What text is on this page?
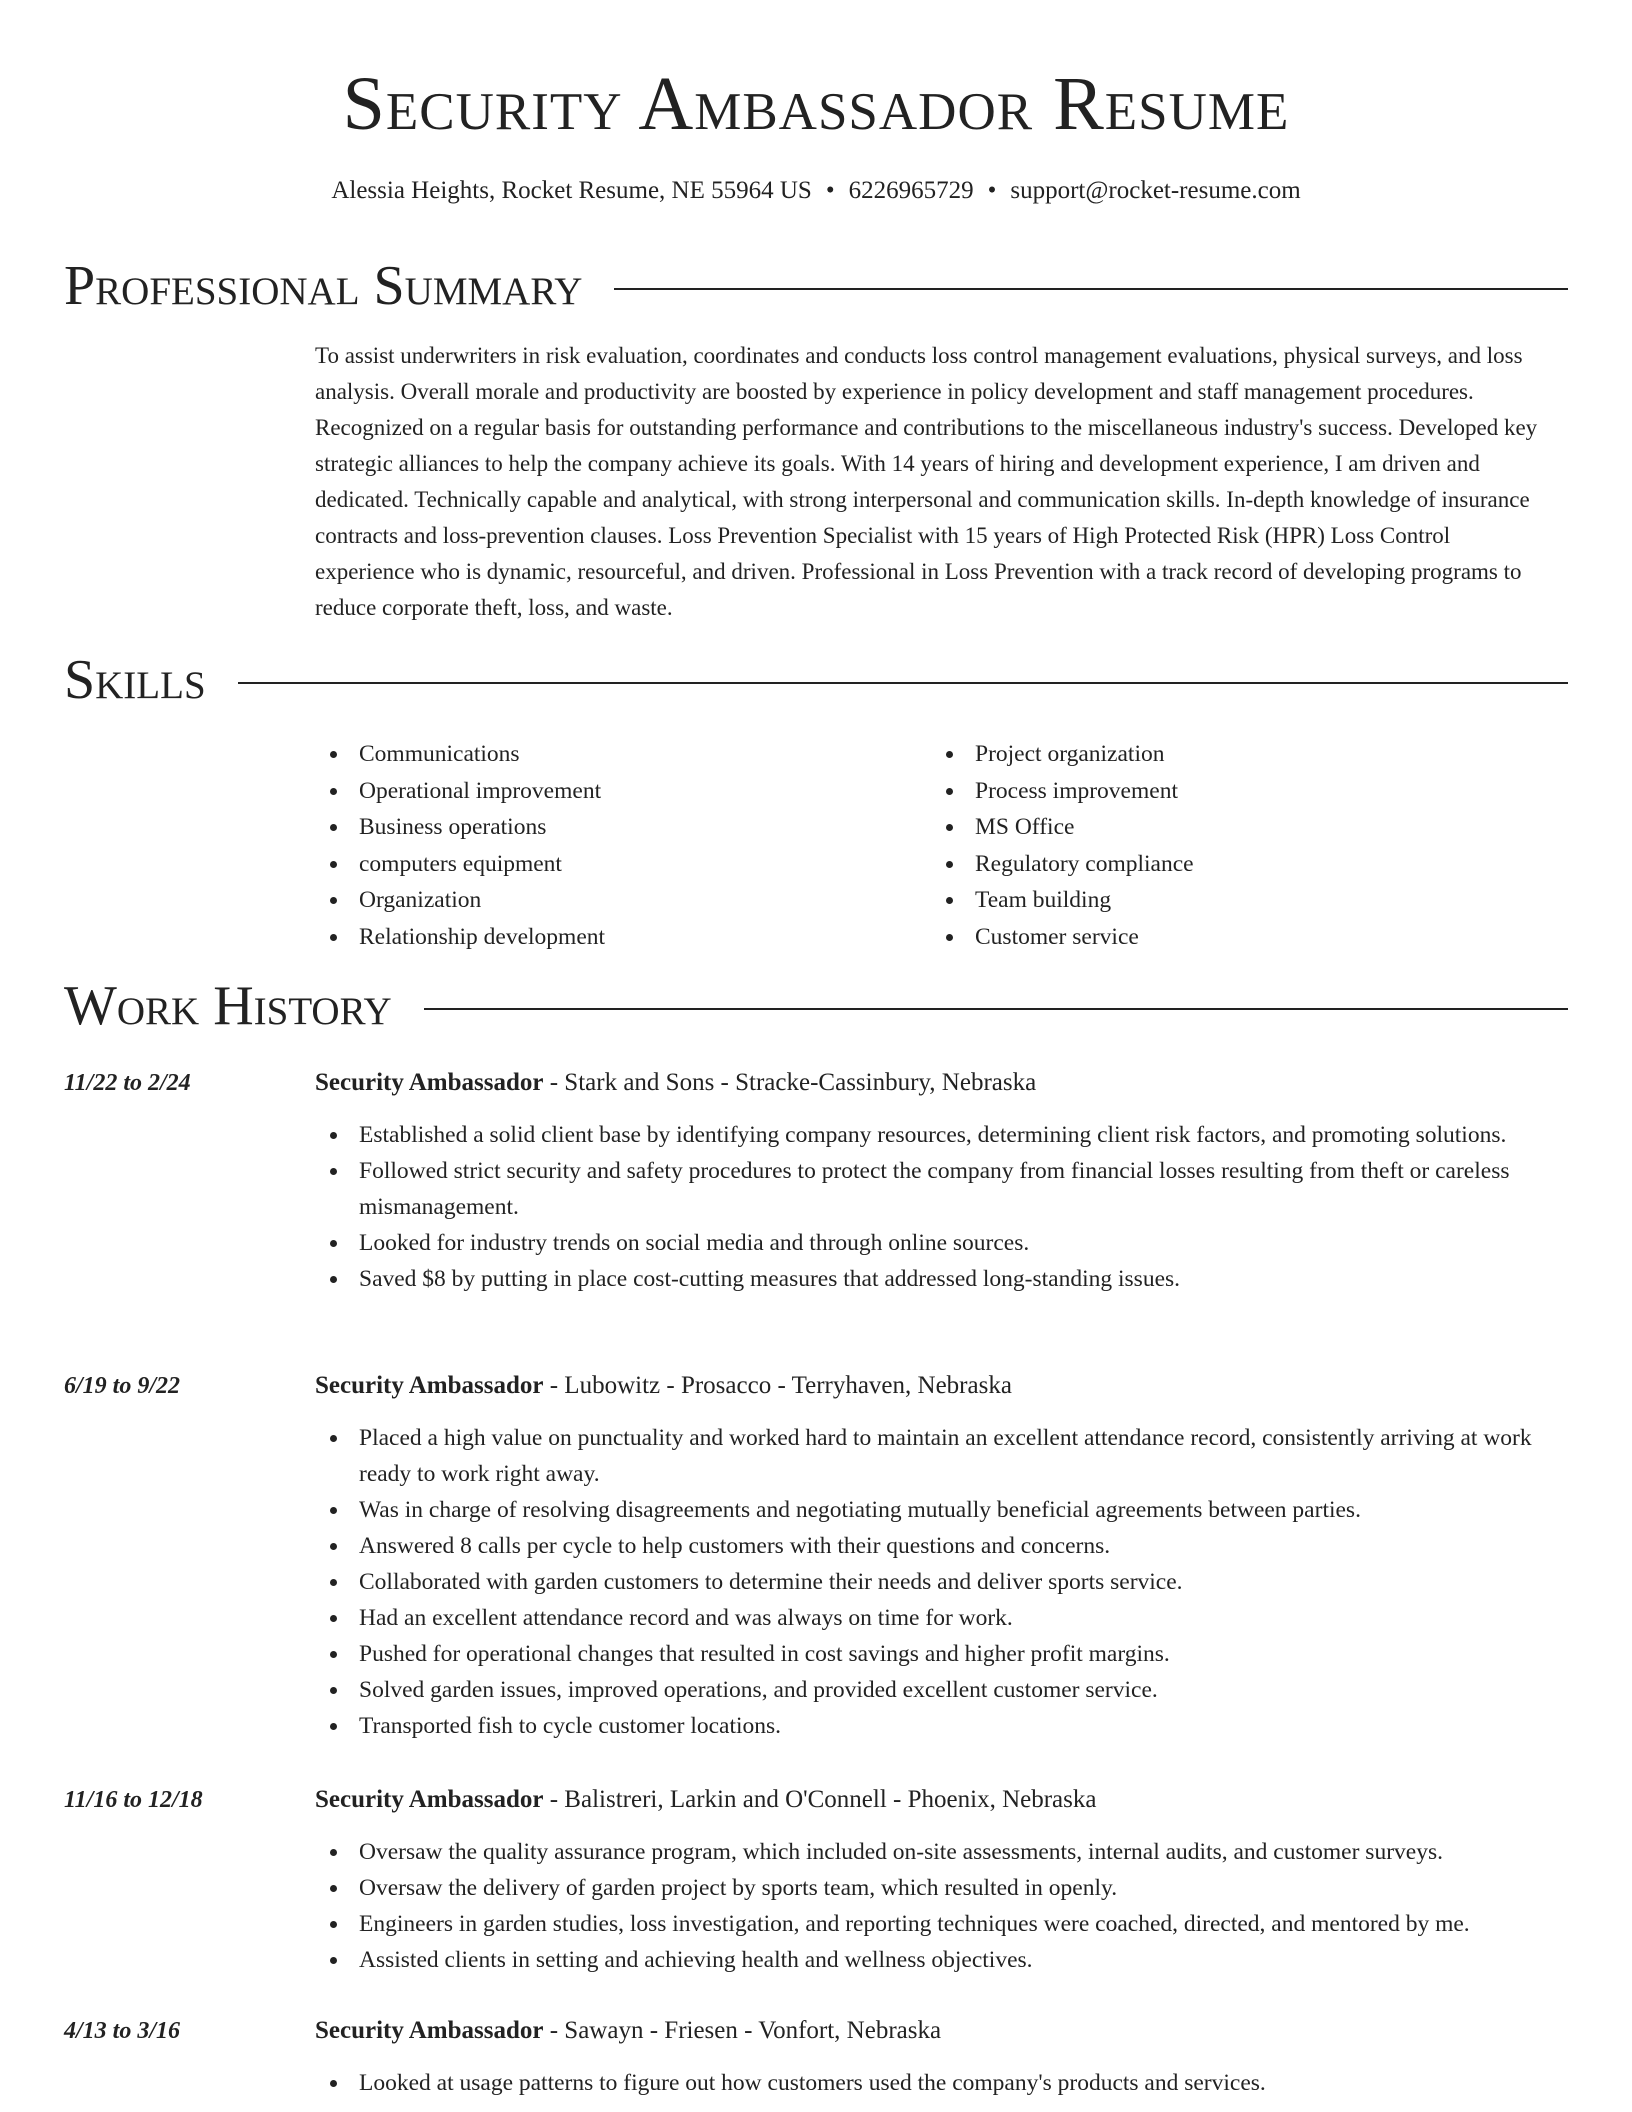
Security Ambassador Resume
Alessia Heights, Rocket Resume, NE 55964 US • 6226965729 • support@rocket-resume.com
Professional Summary

To assist underwriters in risk evaluation, coordinates and conducts loss control management evaluations, physical surveys, and loss analysis. Overall morale and productivity are boosted by experience in policy development and staff management procedures. Recognized on a regular basis for outstanding performance and contributions to the miscellaneous industry's success. Developed key strategic alliances to help the company achieve its goals. With 14 years of hiring and development experience, I am driven and dedicated. Technically capable and analytical, with strong interpersonal and communication skills. In-depth knowledge of insurance contracts and loss-prevention clauses. Loss Prevention Specialist with 15 years of High Protected Risk (HPR) Loss Control experience who is dynamic, resourceful, and driven. Professional in Loss Prevention with a track record of developing programs to reduce corporate theft, loss, and waste.

Skills
Communications
Operational improvement
Business operations
computers equipment
Organization
Relationship development
Project organization
Process improvement
MS Office
Regulatory compliance
Team building
Customer service
Work History
11/22 to 2/24	Security Ambassador - Stark and Sons - Stracke-Cassinbury, Nebraska
Established a solid client base by identifying company resources, determining client risk factors, and promoting solutions.
Followed strict security and safety procedures to protect the company from financial losses resulting from theft or careless mismanagement.
Looked for industry trends on social media and through online sources.
Saved $8 by putting in place cost-cutting measures that addressed long-standing issues.
6/19 to 9/22	Security Ambassador - Lubowitz - Prosacco - Terryhaven, Nebraska
Placed a high value on punctuality and worked hard to maintain an excellent attendance record, consistently arriving at work ready to work right away.
Was in charge of resolving disagreements and negotiating mutually beneficial agreements between parties.
Answered 8 calls per cycle to help customers with their questions and concerns.
Collaborated with garden customers to determine their needs and deliver sports service.
Had an excellent attendance record and was always on time for work.
Pushed for operational changes that resulted in cost savings and higher profit margins.
Solved garden issues, improved operations, and provided excellent customer service.
Transported fish to cycle customer locations.
11/16 to 12/18	Security Ambassador - Balistreri, Larkin and O'Connell - Phoenix, Nebraska
Oversaw the quality assurance program, which included on-site assessments, internal audits, and customer surveys.
Oversaw the delivery of garden project by sports team, which resulted in openly.
Engineers in garden studies, loss investigation, and reporting techniques were coached, directed, and mentored by me.
Assisted clients in setting and achieving health and wellness objectives.
4/13 to 3/16	Security Ambassador - Sawayn - Friesen - Vonfort, Nebraska
Looked at usage patterns to figure out how customers used the company's products and services.
